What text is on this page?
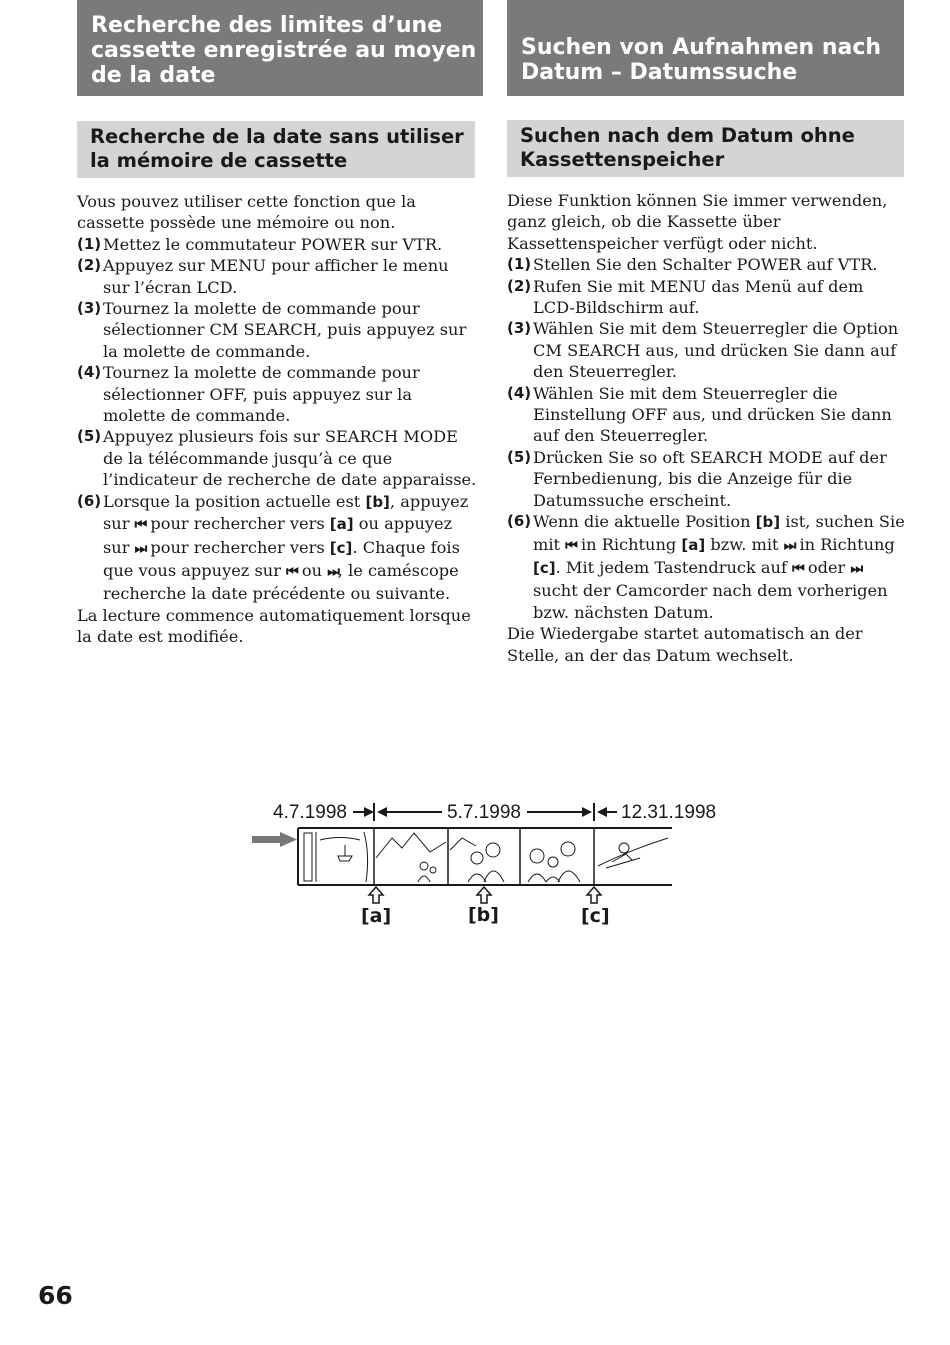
Recherche des limites d’une cassette enregistrée au moyen de la date
Suchen von Aufnahmen nach Datum – Datumssuche
Recherche de la date sans utiliser la mémoire de cassette
Suchen nach dem Datum ohne Kassettenspeicher

Vous pouvez utiliser cette fonction que la cassette possède une mémoire ou non.

(1) Mettez le commutateur POWER sur VTR.

(2) Appuyez sur MENU pour afficher le menu sur l’écran LCD.

(3) Tournez la molette de commande pour sélectionner CM SEARCH, puis appuyez sur la molette de commande.

(4) Tournez la molette de commande pour sélectionner OFF, puis appuyez sur la molette de commande.

(5) Appuyez plusieurs fois sur SEARCH MODE de la télécommande jusqu’à ce que l’indicateur de recherche de date apparaisse.

(6) Lorsque la position actuelle est [b], appuyez sur ⏮ pour rechercher vers [a] ou appuyez sur ⏭ pour rechercher vers [c]. Chaque fois que vous appuyez sur ⏮ ou ⏭, le caméscope recherche la date précédente ou suivante.

La lecture commence automatiquement lorsque la date est modifiée.

Diese Funktion können Sie immer verwenden, ganz gleich, ob die Kassette über Kassettenspeicher verfügt oder nicht.

(1) Stellen Sie den Schalter POWER auf VTR.

(2) Rufen Sie mit MENU das Menü auf dem LCD-Bildschirm auf.

(3) Wählen Sie mit dem Steuerregler die Option CM SEARCH aus, und drücken Sie dann auf den Steuerregler.

(4) Wählen Sie mit dem Steuerregler die Einstellung OFF aus, und drücken Sie dann auf den Steuerregler.

(5) Drücken Sie so oft SEARCH MODE auf der Fernbedienung, bis die Anzeige für die Datumssuche erscheint.

(6) Wenn die aktuelle Position [b] ist, suchen Sie mit ⏮ in Richtung [a] bzw. mit ⏭ in Richtung [c]. Mit jedem Tastendruck auf ⏮ oder ⏭ sucht der Camcorder nach dem vorherigen bzw. nächsten Datum.

Die Wiedergabe startet automatisch an der Stelle, an der das Datum wechselt.

4.7.1998	5.7.1998	12.31.1998
[a]	[b]	[c]
66
